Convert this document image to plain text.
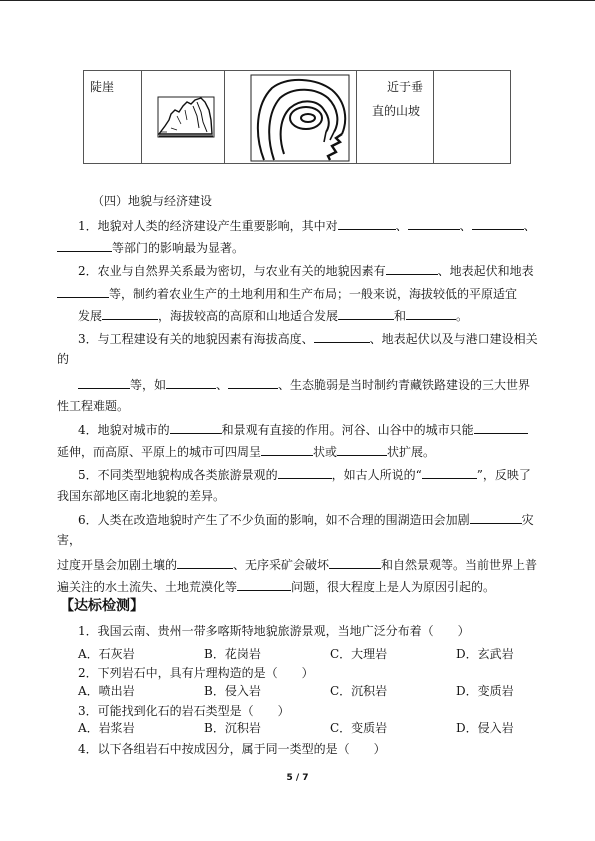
陡崖	近于垂
直的山坡
（四）地貌与经济建设
1．地貌对人类的经济建设产生重要影响，其中对	、	、	、
等部门的影响最为显著。
2．农业与自然界关系最为密切，与农业有关的地貌因素有	、地表起伏和地表
等，制约着农业生产的土地利用和生产布局；一般来说，海拔较低的平原适宜
发展	，海拔较高的高原和山地适合发展	和	。
3．与工程建设有关的地貌因素有海拔高度、	、地表起伏以及与港口建设相关
的
等，如	、	、生态脆弱是当时制约青藏铁路建设的三大世界
性工程难题。
4．地貌对城市的	和景观有直接的作用。河谷、山谷中的城市只能
延伸，而高原、平原上的城市可四周呈	状或	状扩展。
5．不同类型地貌构成各类旅游景观的	，如古人所说的“	”，反映了
我国东部地区南北地貌的差异。
6．人类在改造地貌时产生了不少负面的影响，如不合理的围湖造田会加剧	灾
害，
过度开垦会加剧土壤的	、无序采矿会破坏	和自然景观等。当前世界上普
遍关注的水土流失、土地荒漠化等	问题，很大程度上是人为原因引起的。
【达标检测】
1．我国云南、贵州一带多喀斯特地貌旅游景观，当地广泛分布着（　　）
A．石灰岩	B．花岗岩	C．大理岩	D．玄武岩
2．下列岩石中，具有片理构造的是（　　）
A．喷出岩	B．侵入岩	C．沉积岩	D．变质岩
3．可能找到化石的岩石类型是（　　）
A．岩浆岩	B．沉积岩	C．变质岩	D．侵入岩
4．以下各组岩石中按成因分，属于同一类型的是（　　）
5 / 7
